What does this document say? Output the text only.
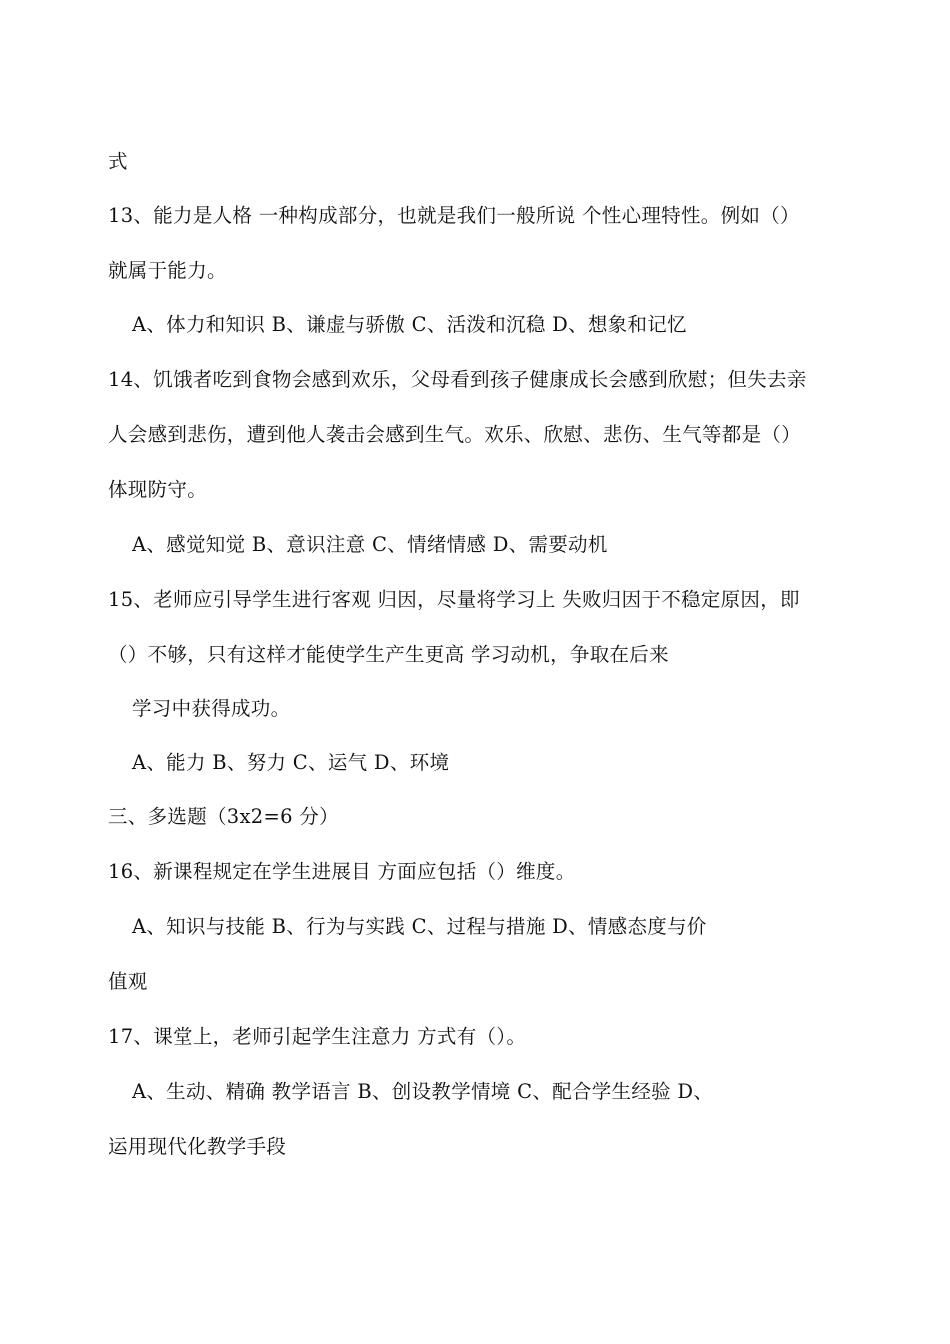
式
13、能力是人格 一种构成部分，也就是我们一般所说 个性心理特性。例如（）
就属于能力。
A、体力和知识 B、谦虚与骄傲 C、活泼和沉稳 D、想象和记忆
14、饥饿者吃到食物会感到欢乐，父母看到孩子健康成长会感到欣慰；但失去亲
人会感到悲伤，遭到他人袭击会感到生气。欢乐、欣慰、悲伤、生气等都是（）
体现防守。
A、感觉知觉 B、意识注意 C、情绪情感 D、需要动机
15、老师应引导学生进行客观 归因，尽量将学习上 失败归因于不稳定原因，即
（）不够，只有这样才能使学生产生更高 学习动机，争取在后来
学习中获得成功。
A、能力 B、努力 C、运气 D、环境
三、多选题（3x2=6 分）
16、新课程规定在学生进展目 方面应包括（）维度。
A、知识与技能 B、行为与实践 C、过程与措施 D、情感态度与价
值观
17、课堂上，老师引起学生注意力 方式有（）。
A、生动、精确 教学语言 B、创设教学情境 C、配合学生经验 D、
运用现代化教学手段
